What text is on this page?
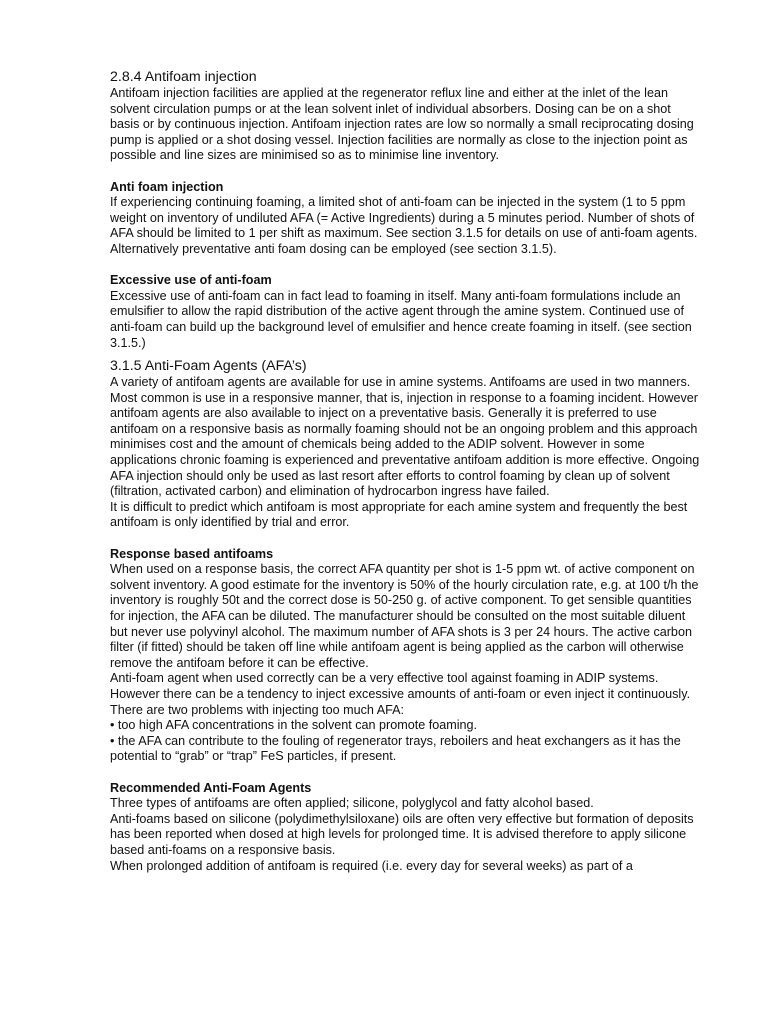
2.8.4 Antifoam injection

Antifoam injection facilities are applied at the regenerator reflux line and either at the inlet of the lean solvent circulation pumps or at the lean solvent inlet of individual absorbers. Dosing can be on a shot basis or by continuous injection. Antifoam injection rates are low so normally a small reciprocating dosing pump is applied or a shot dosing vessel. Injection facilities are normally as close to the injection point as possible and line sizes are minimised so as to minimise line inventory.

Anti foam injection

If experiencing continuing foaming, a limited shot of anti-foam can be injected in the system (1 to 5 ppm weight on inventory of undiluted AFA (= Active Ingredients) during a 5 minutes period. Number of shots of AFA should be limited to 1 per shift as maximum. See section 3.1.5 for details on use of anti-foam agents. Alternatively preventative anti foam dosing can be employed (see section 3.1.5).

Excessive use of anti-foam

Excessive use of anti-foam can in fact lead to foaming in itself. Many anti-foam formulations include an emulsifier to allow the rapid distribution of the active agent through the amine system. Continued use of anti-foam can build up the background level of emulsifier and hence create foaming in itself. (see section 3.1.5.)

3.1.5 Anti-Foam Agents (AFA’s)

A variety of antifoam agents are available for use in amine systems. Antifoams are used in two manners. Most common is use in a responsive manner, that is, injection in response to a foaming incident. However antifoam agents are also available to inject on a preventative basis. Generally it is preferred to use antifoam on a responsive basis as normally foaming should not be an ongoing problem and this approach minimises cost and the amount of chemicals being added to the ADIP solvent. However in some applications chronic foaming is experienced and preventative antifoam addition is more effective. Ongoing AFA injection should only be used as last resort after efforts to control foaming by clean up of solvent (filtration, activated carbon) and elimination of hydrocarbon ingress have failed.

It is difficult to predict which antifoam is most appropriate for each amine system and frequently the best antifoam is only identified by trial and error.

Response based antifoams

When used on a response basis, the correct AFA quantity per shot is 1-5 ppm wt. of active component on solvent inventory. A good estimate for the inventory is 50% of the hourly circulation rate, e.g. at 100 t/h the inventory is roughly 50t and the correct dose is 50-250 g. of active component. To get sensible quantities for injection, the AFA can be diluted. The manufacturer should be consulted on the most suitable diluent but never use polyvinyl alcohol. The maximum number of AFA shots is 3 per 24 hours. The active carbon filter (if fitted) should be taken off line while antifoam agent is being applied as the carbon will otherwise remove the antifoam before it can be effective.

Anti-foam agent when used correctly can be a very effective tool against foaming in ADIP systems. However there can be a tendency to inject excessive amounts of anti-foam or even inject it continuously.

There are two problems with injecting too much AFA:

• too high AFA concentrations in the solvent can promote foaming.

• the AFA can contribute to the fouling of regenerator trays, reboilers and heat exchangers as it has the potential to “grab” or “trap” FeS particles, if present.

Recommended Anti-Foam Agents

Three types of antifoams are often applied; silicone, polyglycol and fatty alcohol based.

Anti-foams based on silicone (polydimethylsiloxane) oils are often very effective but formation of deposits has been reported when dosed at high levels for prolonged time. It is advised therefore to apply silicone based anti-foams on a responsive basis.

When prolonged addition of antifoam is required (i.e. every day for several weeks) as part of a
